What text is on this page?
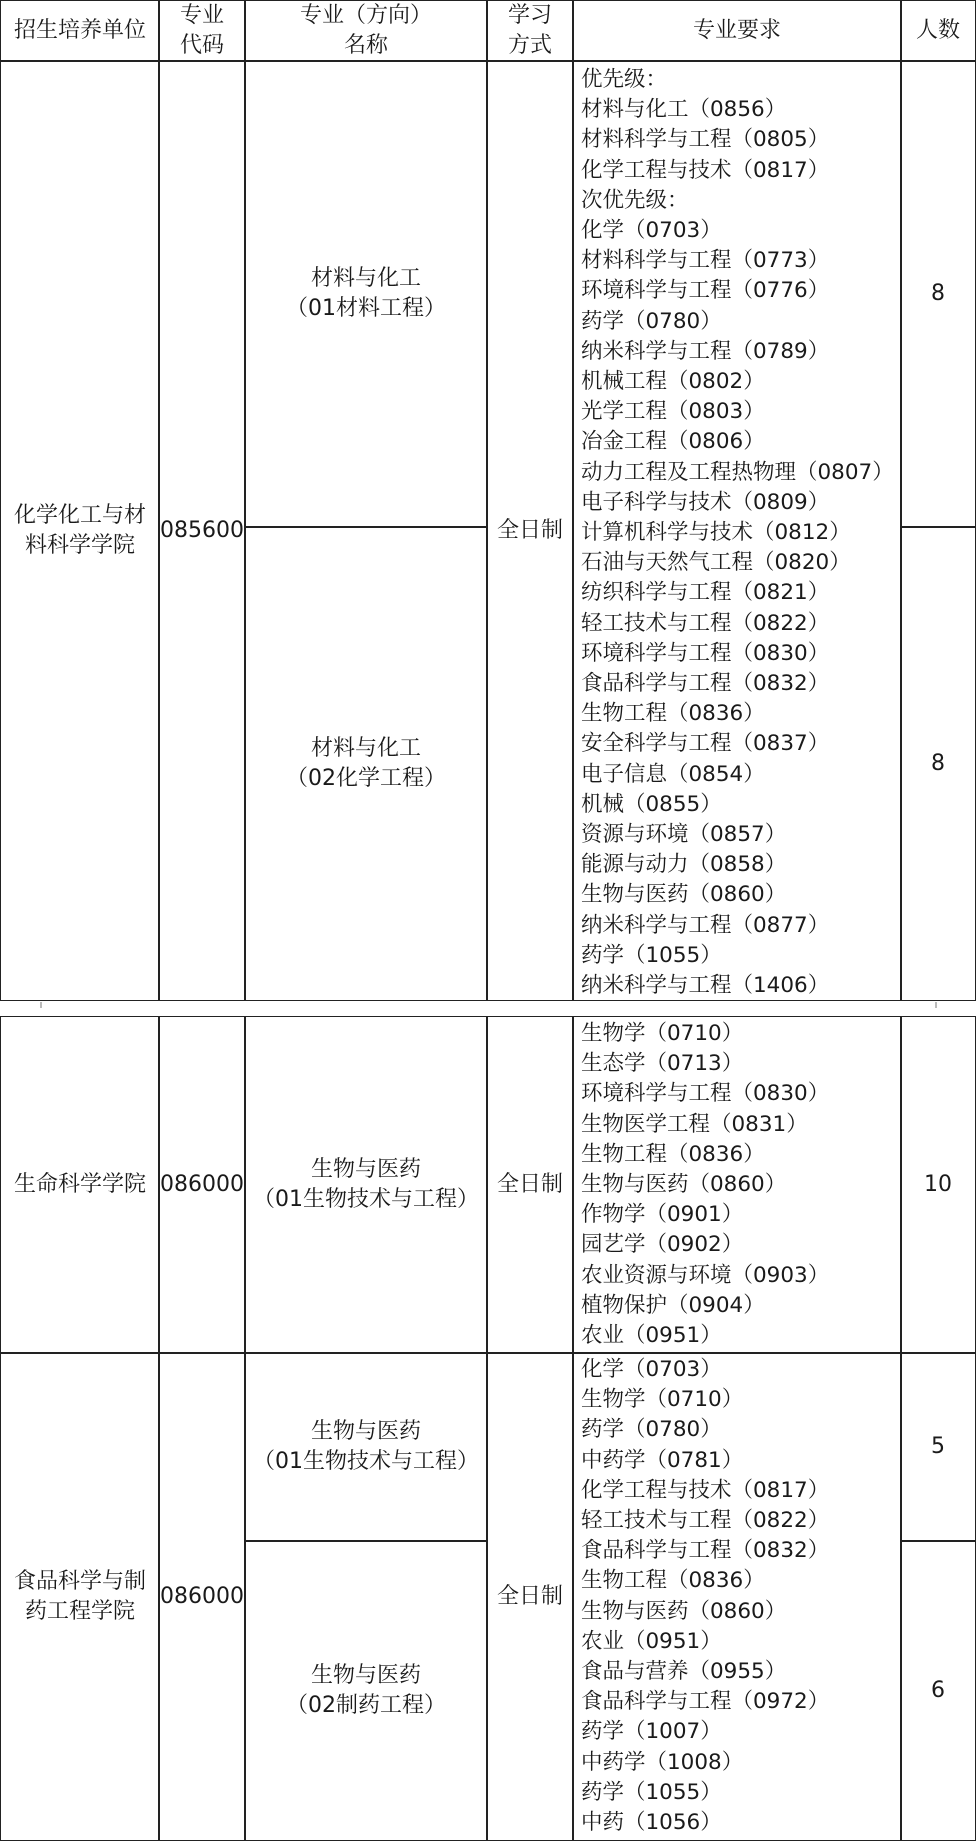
招生培养单位
专业
代码
专业（方向）
名称
学习
方式
专业要求	人数
化学化工与材
料科学学院
085600
材料与化工
（01材料工程）
材料与化工
（02化学工程）
全日制
优先级：
材料与化工（0856）
材料科学与工程（0805）
化学工程与技术（0817）
次优先级：
化学（0703）
材料科学与工程（0773）
环境科学与工程（0776）
药学（0780）
纳米科学与工程（0789）
机械工程（0802）
光学工程（0803）
冶金工程（0806）
动力工程及工程热物理（0807）
电子科学与技术（0809）
计算机科学与技术（0812）
石油与天然气工程（0820）
纺织科学与工程（0821）
轻工技术与工程（0822）
环境科学与工程（0830）
食品科学与工程（0832）
生物工程（0836）
安全科学与工程（0837）
电子信息（0854）
机械（0855）
资源与环境（0857）
能源与动力（0858）
生物与医药（0860）
纳米科学与工程（0877）
药学（1055）
纳米科学与工程（1406）
8
8
生命科学学院 086000
生物与医药
（01生物技术与工程）
全日制
生物学（0710）
生态学（0713）
环境科学与工程（0830）
生物医学工程（0831）
生物工程（0836）
生物与医药（0860）
作物学（0901）
园艺学（0902）
农业资源与环境（0903）
植物保护（0904）
农业（0951）
10
食品科学与制
药工程学院
086000
生物与医药
（01生物技术与工程）
生物与医药
（02制药工程）
全日制
化学（0703）
生物学（0710）
药学（0780）
中药学（0781）
化学工程与技术（0817）
轻工技术与工程（0822）
食品科学与工程（0832）
生物工程（0836）
生物与医药（0860）
农业（0951）
食品与营养（0955）
食品科学与工程（0972）
药学（1007）
中药学（1008）
药学（1055）
中药（1056）
5
6
